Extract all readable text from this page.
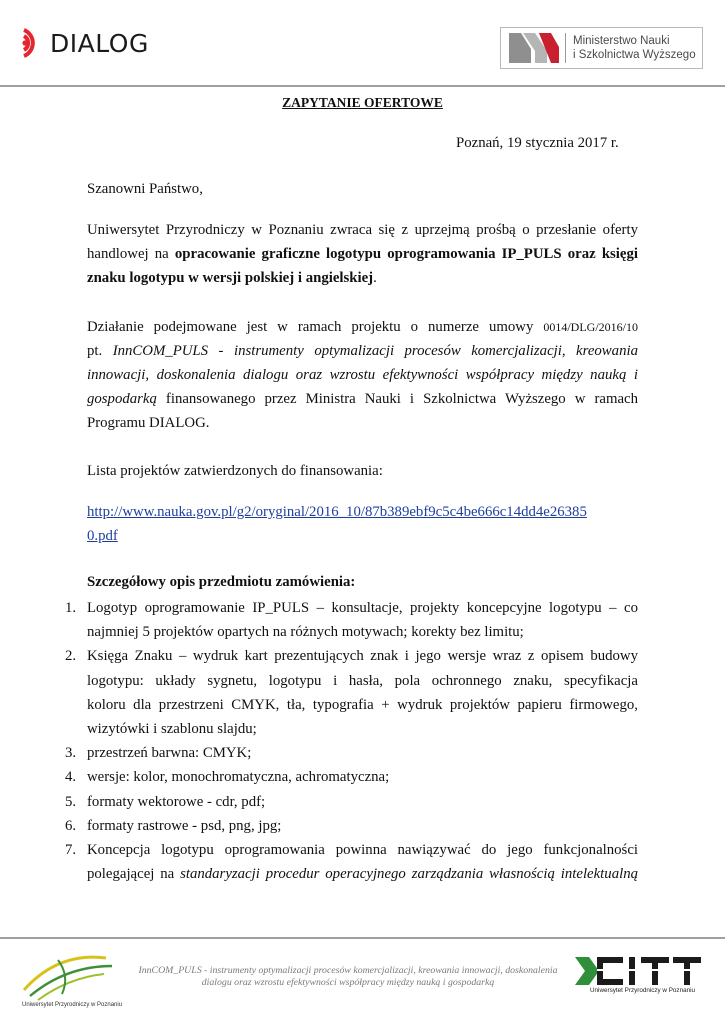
DIALOG	Ministerstwo Nauki
i Szkolnictwa Wyższego
ZAPYTANIE OFERTOWE
Poznań, 19 stycznia 2017 r.
Szanowni Państwo,
Uniwersytet Przyrodniczy w Poznaniu zwraca się z uprzejmą prośbą o przesłanie oferty
handlowej na opracowanie graficzne logotypu oprogramowania IP_PULS oraz księgi
znaku logotypu w wersji polskiej i angielskiej.
Działanie podejmowane jest w ramach projektu o numerze umowy 0014/DLG/2016/10
pt. InnCOM_PULS - instrumenty optymalizacji procesów komercjalizacji, kreowania
innowacji, doskonalenia dialogu oraz wzrostu efektywności współpracy między nauką i
gospodarką finansowanego przez Ministra Nauki i Szkolnictwa Wyższego w ramach
Programu DIALOG.
Lista projektów zatwierdzonych do finansowania:
http://www.nauka.gov.pl/g2/oryginal/2016_10/87b389ebf9c5c4be666c14dd4e26385
0.pdf
Szczegółowy opis przedmiotu zamówienia:
1. Logotyp oprogramowanie IP_PULS – konsultacje, projekty koncepcyjne logotypu – co
najmniej 5 projektów opartych na różnych motywach; korekty bez limitu;
2. Księga Znaku – wydruk kart prezentujących znak i jego wersje wraz z opisem budowy
logotypu: układy sygnetu, logotypu i hasła, pola ochronnego znaku, specyfikacja
koloru dla przestrzeni CMYK, tła, typografia + wydruk projektów papieru firmowego,
wizytówki i szablonu slajdu;
3. przestrzeń barwna: CMYK;
4. wersje: kolor, monochromatyczna, achromatyczna;
5. formaty wektorowe - cdr, pdf;
6. formaty rastrowe - psd, png, jpg;
7. Koncepcja logotypu oprogramowania powinna nawiązywać do jego funkcjonalności
polegającej na standaryzacji procedur operacyjnego zarządzania własnością intelektualną
Uniwersytet Przyrodniczy w Poznaniu
InnCOM_PULS - instrumenty optymalizacji procesów komercjalizacji, kreowania innowacji, doskonalenia
dialogu oraz wzrostu efektywności współpracy między nauką i gospodarką
Uniwersytet Przyrodniczy w Poznaniu
